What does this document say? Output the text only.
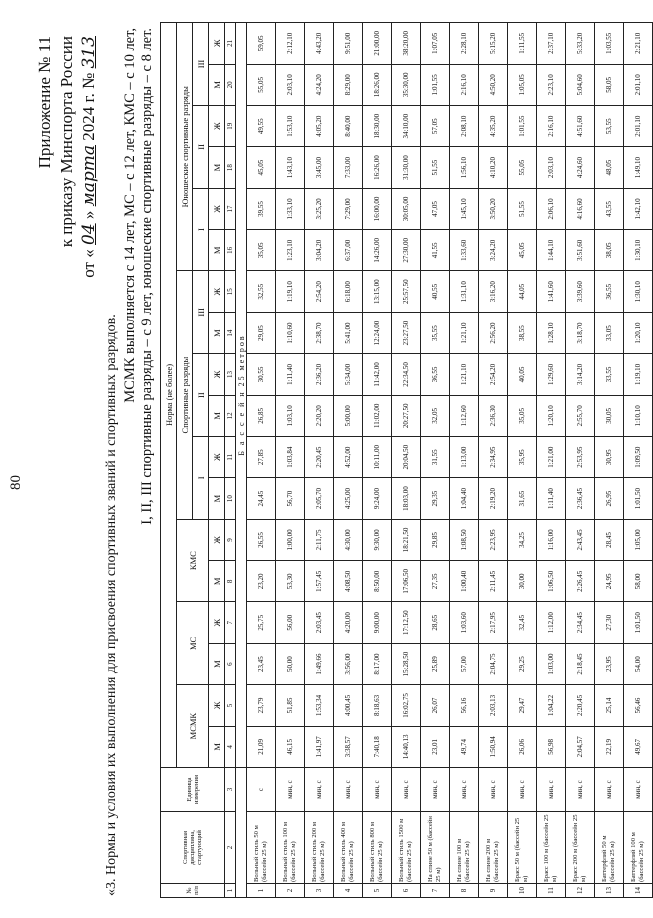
80
Приложение № 11 к приказу Минспорта России
от « 04 » марта 2024 г. № 313
«3. Нормы и условия их выполнения для присвоения спортивных званий и спортивных разрядов.
МСМК выполняется с 14 лет, МС – с 12 лет, КМС – с 10 лет, I, II, III спортивные разряды – с 9 лет, юношеские спортивные разряды – с 8 лет.
№ п/п	Спортивная дисциплина, стартующий	Единица измерения	Норма (не более)																	
			МСМК		МС		КМС		Спортивные разряды						Юношеские спортивные разряды					
									I		II		III		I		II		III	
			М	Ж	М	Ж	М	Ж	М	Ж	М	Ж	М	Ж	М	Ж	М	Ж	М	Ж
1	2	3	4	5	6	7	8	9	10	11	12	13	14	15	16	17	18	19	20	21
			Б а с с е й н 25 метров																	
1	Вольный стиль 50 м (бассейн 25 м)	с	21,09	23,79	23,45	25,75	23,20	26,55	24,45	27,85	26,85	30,55	29,05	32,55	35,05	39,55	45,05	49,55	55,05	59,05
2	Вольный стиль 100 м (бассейн 25 м)	мин, с	46,15	51,85	50,00	56,00	53,30	1:00,00	56,70	1:03,84	1:03,10	1:11,40	1:10,60	1:19,10	1:23,10	1:33,10	1:43,10	1:53,10	2:03,10	2:12,10
3	Вольный стиль 200 м (бассейн 25 м)	мин, с	1:41,97	1:53,34	1:49,66	2:03,45	1:57,45	2:11,75	2:05,70	2:20,45	2:20,20	2:36,20	2:38,70	2:54,20	3:04,20	3:25,20	3:45,00	4:05,20	4:24,20	4:43,20
4	Вольный стиль 400 м (бассейн 25 м)	мин, с	3:38,57	4:00,45	3:56,00	4:20,00	4:08,50	4:30,00	4:25,00	4:52,00	5:00,00	5:34,00	5:41,00	6:18,00	6:37,00	7:29,00	7:33,00	8:40,00	8:29,00	9:51,00
5	Вольный стиль 800 м (бассейн 25 м)	мин, с	7:40,18	8:18,63	8:17,00	9:00,00	8:50,00	9:30,00	9:24,00	10:11,00	11:02,00	11:42,00	12:24,00	13:15,00	14:26,00	16:00,00	16:26,00	18:30,00	18:26,00	21:00,00
6	Вольный стиль 1500 м (бассейн 25 м)	мин, с	14:40,13	16:02,75	15:28,50	17:12,50	17:06,50	18:21,50	18:03,00	20:04,50	20:27,50	22:34,50	23:27,50	25:57,50	27:30,00	30:05,00	31:30,00	34:10,00	35:30,00	38:20,00
7	На спине 50 м (бассейн 25 м)	мин, с	23,01	26,07	25,89	28,65	27,35	29,85	29,35	31,55	32,05	36,55	35,55	40,55	41,55	47,05	51,55	57,05	1:01,55	1:07,05
8	На спине 100 м (бассейн 25 м)	мин, с	49,74	56,16	57,00	1:03,60	1:00,40	1:08,50	1:04,40	1:13,00	1:12,60	1:21,10	1:21,10	1:31,10	1:33,60	1:45,10	1:56,10	2:08,10	2:16,10	2:28,10
9	На спине 200 м (бассейн 25 м)	мин, с	1:50,94	2:03,13	2:04,75	2:17,95	2:11,45	2:23,95	2:19,20	2:34,95	2:36,30	2:54,20	2:56,20	3:16,20	3:24,20	3:50,20	4:10,20	4:35,20	4:50,20	5:15,20
10	Брасс 50 м (бассейн 25 м)	мин, с	26,06	29,47	29,25	32,45	30,00	34,25	31,65	35,95	35,05	40,05	38,55	44,05	45,05	51,55	55,05	1:01,55	1:05,05	1:11,55
11	Брасс 100 м (бассейн 25 м)	мин, с	56,98	1:04,22	1:03,00	1:12,00	1:06,50	1:16,00	1:11,40	1:21,00	1:20,10	1:29,60	1:28,10	1:41,60	1:44,10	2:06,10	2:03,10	2:16,10	2:23,10	2:37,10
12	Брасс 200 м (бассейн 25 м)	мин, с	2:04,57	2:20,45	2:18,45	2:34,45	2:26,45	2:43,45	2:36,45	2:53,95	2:55,70	3:14,20	3:18,70	3:39,60	3:51,60	4:16,60	4:24,60	4:51,60	5:04,60	5:33,20
13	Баттерфляй 50 м (бассейн 25 м)	мин, с	22,19	25,14	23,95	27,30	24,95	28,45	26,95	30,95	30,05	33,55	33,05	36,55	38,05	43,55	48,05	53,55	58,05	1:03,55
14	Баттерфляй 100 м (бассейн 25 м)	мин, с	49,67	56,46	54,00	1:01,50	58,00	1:05,00	1:01,50	1:09,50	1:10,10	1:19,10	1:20,10	1:30,10	1:30,10	1:42,10	1:49,10	2:01,10	2:01,10	2:21,10
